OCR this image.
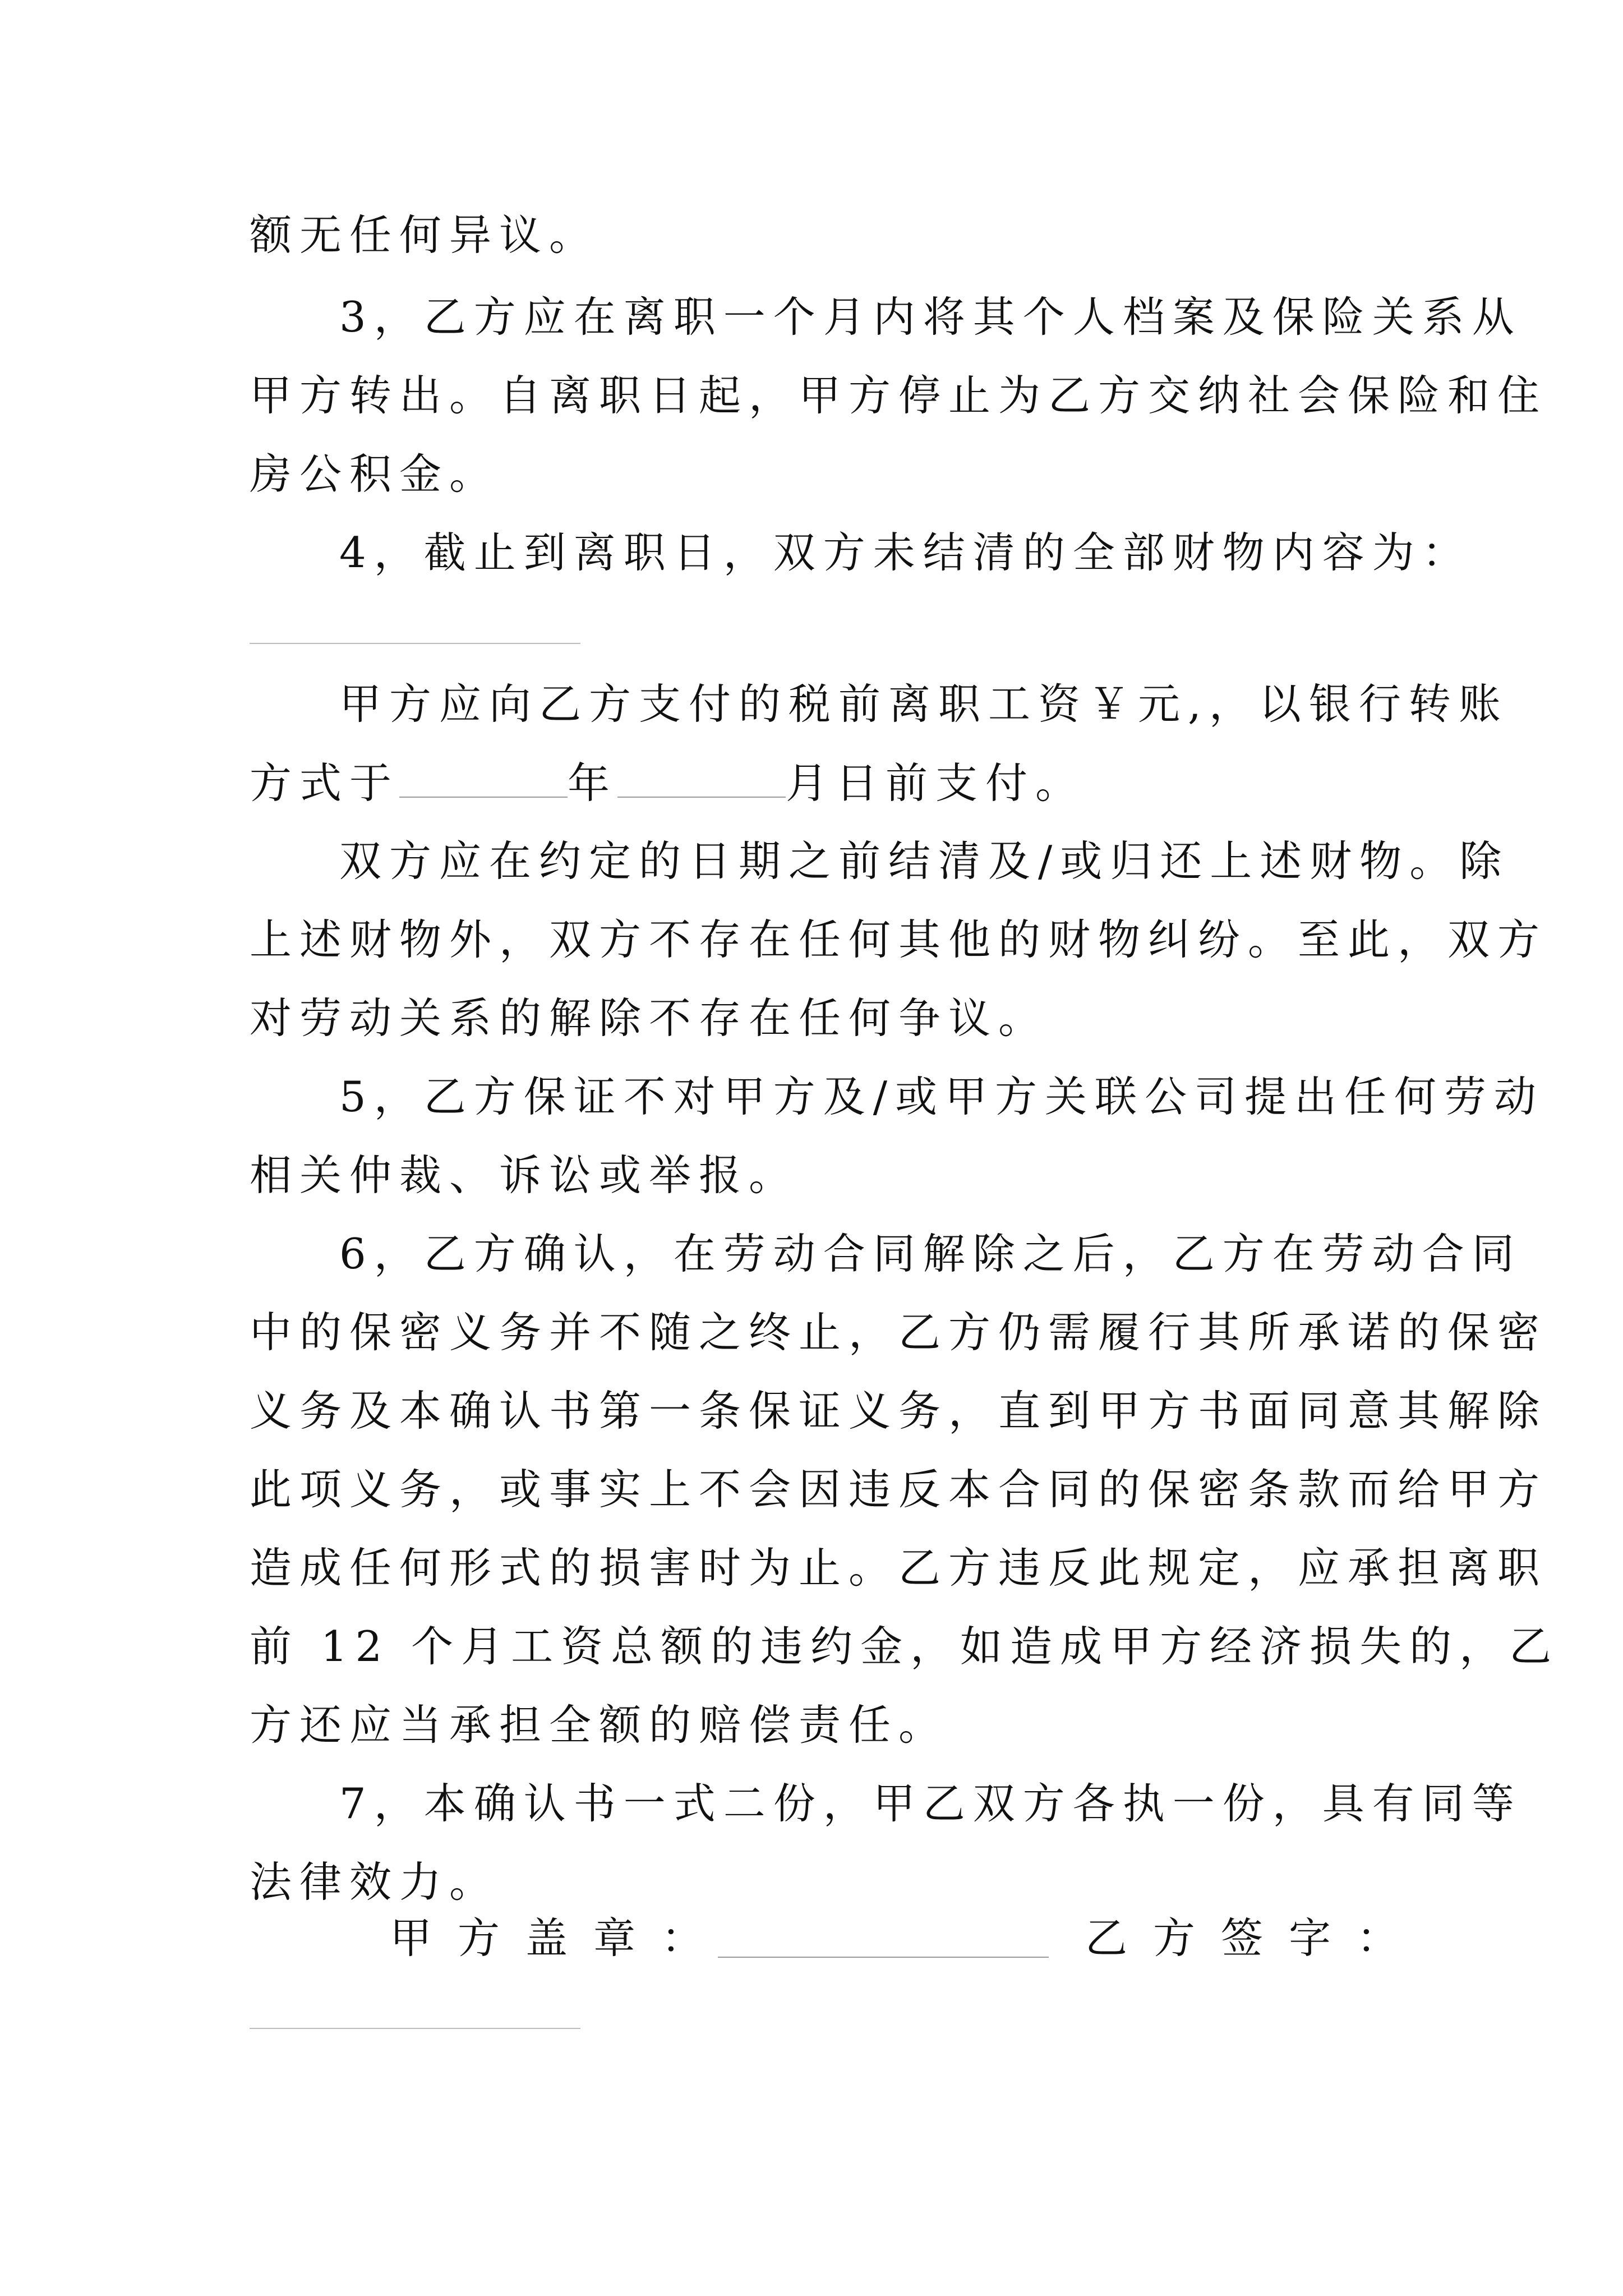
额无任何异议。
3，乙方应在离职一个月内将其个人档案及保险关系从
甲方转出。自离职日起，甲方停止为乙方交纳社会保险和住
房公积金。
4，截止到离职日，双方未结清的全部财物内容为：
甲方应向乙方支付的税前离职工资￥元,，以银行转账
方式于	年	月日前支付。
双方应在约定的日期之前结清及/或归还上述财物。除
上述财物外，双方不存在任何其他的财物纠纷。至此，双方
对劳动关系的解除不存在任何争议。
5，乙方保证不对甲方及/或甲方关联公司提出任何劳动
相关仲裁、诉讼或举报。
6，乙方确认，在劳动合同解除之后，乙方在劳动合同
中的保密义务并不随之终止，乙方仍需履行其所承诺的保密
义务及本确认书第一条保证义务，直到甲方书面同意其解除
此项义务，或事实上不会因违反本合同的保密条款而给甲方
造成任何形式的损害时为止。乙方违反此规定，应承担离职
前 12 个月工资总额的违约金，如造成甲方经济损失的，乙
方还应当承担全额的赔偿责任。
7，本确认书一式二份，甲乙双方各执一份，具有同等
法律效力。
甲方盖章：	乙方签字：
